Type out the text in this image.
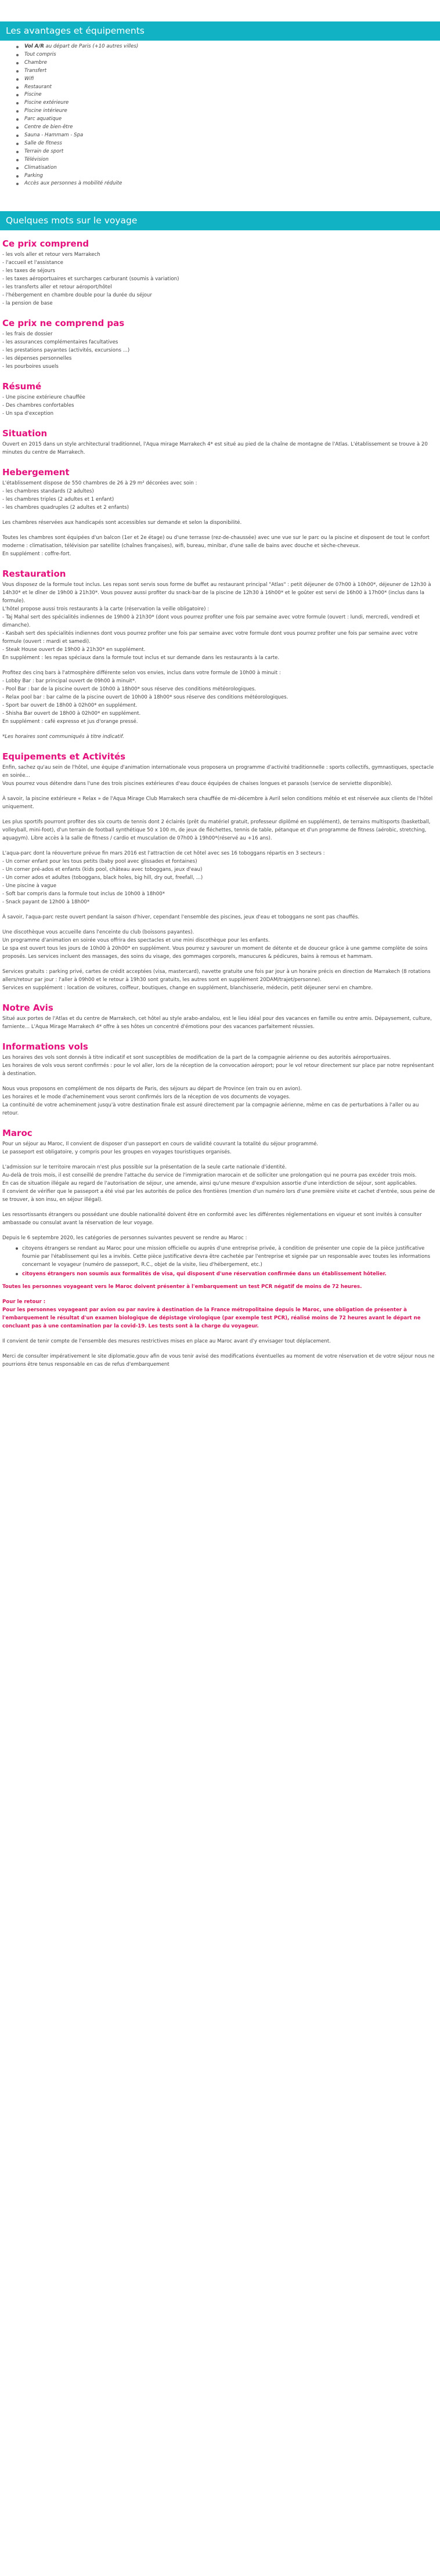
Les avantages et équipements
Vol A/R au départ de Paris (+10 autres villes)
Tout compris
Chambre
Transfert
Wifi
Restaurant
Piscine
Piscine extérieure
Piscine intérieure
Parc aquatique
Centre de bien-être
Sauna - Hammam - Spa
Salle de fitness
Terrain de sport
Télévision
Climatisation
Parking
Accès aux personnes à mobilité réduite
Quelques mots sur le voyage
Ce prix comprend

- les vols aller et retour vers Marrakech

- l'accueil et l'assistance

- les taxes de séjours

- les taxes aéroportuaires et surcharges carburant (soumis à variation)

- les transferts aller et retour aéroport/hôtel

- l'hébergement en chambre double pour la durée du séjour

- la pension de base

Ce prix ne comprend pas

- les frais de dossier

- les assurances complémentaires facultatives

- les prestations payantes (activités, excursions ...)

- les dépenses personnelles

- les pourboires usuels

Résumé

- Une piscine extérieure chauffée

- Des chambres confortables

- Un spa d'exception

Situation

Ouvert en 2015 dans un style architectural traditionnel, l'Aqua mirage Marrakech 4* est situé au pied de la chaîne de montagne de l'Atlas. L'établissement se trouve à 20 minutes du centre de Marrakech.

Hebergement

L'établissement dispose de 550 chambres de 26 à 29 m² décorées avec soin :

- les chambres standards (2 adultes)

- les chambres triples (2 adultes et 1 enfant)

- les chambres quadruples (2 adultes et 2 enfants)

Les chambres réservées aux handicapés sont accessibles sur demande et selon la disponibilité.

Toutes les chambres sont équipées d'un balcon (1er et 2e étage) ou d'une terrasse (rez-de-chaussée) avec une vue sur le parc ou la piscine et disposent de tout le confort moderne : climatisation, télévision par satellite (chaînes françaises), wifi, bureau, minibar, d'une salle de bains avec douche et sèche-cheveux.

En supplément : coffre-fort.

Restauration

Vous disposez de la formule tout inclus. Les repas sont servis sous forme de buffet au restaurant principal "Atlas" : petit déjeuner de 07h00 à 10h00*, déjeuner de 12h30 à 14h30* et le dîner de 19h00 à 21h30*. Vous pouvez aussi profiter du snack-bar de la piscine de 12h30 à 16h00* et le goûter est servi de 16h00 à 17h00* (inclus dans la formule).

L'hôtel propose aussi trois restaurants à la carte (réservation la veille obligatoire) :

- Taj Mahal sert des spécialités indiennes de 19h00 à 21h30* (dont vous pourrez profiter une fois par semaine avec votre formule (ouvert : lundi, mercredi, vendredi et dimanche).

- Kasbah sert des spécialités indiennes dont vous pourrez profiter une fois par semaine avec votre formule dont vous pourrez profiter une fois par semaine avec votre formule (ouvert : mardi et samedi).

- Steak House ouvert de 19h00 à 21h30* en supplément.

En supplément : les repas spéciaux dans la formule tout inclus et sur demande dans les restaurants à la carte.

Profitez des cinq bars à l'atmosphère différente selon vos envies, inclus dans votre formule de 10h00 à minuit :

- Lobby Bar : bar principal ouvert de 09h00 à minuit*.

- Pool Bar : bar de la piscine ouvert de 10h00 à 18h00* sous réserve des conditions météorologiques.

- Relax pool bar : bar calme de la piscine ouvert de 10h00 à 18h00* sous réserve des conditions météorologiques.

- Sport bar ouvert de 18h00 à 02h00* en supplément.

- Shisha Bar ouvert de 18h00 à 02h00* en supplément.

En supplément : café expresso et jus d'orange pressé.

*Les horaires sont communiqués à titre indicatif.

Equipements et Activités

Enfin, sachez qu'au sein de l'hôtel, une équipe d'animation internationale vous proposera un programme d'activité traditionnelle : sports collectifs, gymnastiques, spectacle en soirée...

Vous pourrez vous détendre dans l'une des trois piscines extérieures d'eau douce équipées de chaises longues et parasols (service de serviette disponible).

À savoir, la piscine extérieure « Relax » de l'Aqua Mirage Club Marrakech sera chauffée de mi-décembre à Avril selon conditions météo et est réservée aux clients de l'hôtel uniquement.

Les plus sportifs pourront profiter des six courts de tennis dont 2 éclairés (prêt du matériel gratuit, professeur diplômé en supplément), de terrains multisports (basketball, volleyball, mini-foot), d'un terrain de football synthétique 50 x 100 m, de jeux de fléchettes, tennis de table, pétanque et d'un programme de fitness (aérobic, stretching, aquagym). Libre accès à la salle de fitness / cardio et musculation de 07h00 à 19h00*(réservé au +16 ans).

L'aqua-parc dont la réouverture prévue fin mars 2016 est l'attraction de cet hôtel avec ses 16 toboggans répartis en 3 secteurs :

- Un corner enfant pour les tous petits (baby pool avec glissades et fontaines)

- Un corner pré-ados et enfants (kids pool, château avec toboggans, jeux d'eau)

- Un corner ados et adultes (toboggans, black holes, big hill, dry out, freefall, ...)

- Une piscine à vague

- Soft bar compris dans la formule tout inclus de 10h00 à 18h00*

- Snack payant de 12h00 à 18h00*

À savoir, l'aqua-parc reste ouvert pendant la saison d'hiver, cependant l'ensemble des piscines, jeux d'eau et toboggans ne sont pas chauffés.

Une discothèque vous accueille dans l'enceinte du club (boissons payantes).

Un programme d'animation en soirée vous offrira des spectacles et une mini discothèque pour les enfants.

Le spa est ouvert tous les jours de 10h00 à 20h00* en supplément. Vous pourrez y savourer un moment de détente et de douceur grâce à une gamme complète de soins proposés. Les services incluent des massages, des soins du visage, des gommages corporels, manucures & pédicures, bains à remous et hammam.

Services gratuits : parking privé, cartes de crédit acceptées (visa, mastercard), navette gratuite une fois par jour à un horaire précis en direction de Marrakech (8 rotations allers/retour par jour : l'aller à 09h00 et le retour à 19h30 sont gratuits, les autres sont en supplément 20DAM/trajet/personne).

Services en supplément : location de voitures, coiffeur, boutiques, change en supplément, blanchisserie, médecin, petit déjeuner servi en chambre.

Notre Avis

Situé aux portes de l'Atlas et du centre de Marrakech, cet hôtel au style arabo-andalou, est le lieu idéal pour des vacances en famille ou entre amis. Dépaysement, culture, farniente... L'Aqua Mirage Marrakech 4* offre à ses hôtes un concentré d'émotions pour des vacances parfaitement réussies.

Informations vols

Les horaires des vols sont donnés à titre indicatif et sont susceptibles de modification de la part de la compagnie aérienne ou des autorités aéroportuaires.

Les horaires de vols vous seront confirmés : pour le vol aller, lors de la réception de la convocation aéroport; pour le vol retour directement sur place par notre représentant à destination.

Nous vous proposons en complément de nos départs de Paris, des séjours au départ de Province (en train ou en avion).

Les horaires et le mode d'acheminement vous seront confirmés lors de la réception de vos documents de voyages.

La continuité de votre acheminement jusqu'à votre destination finale est assuré directement par la compagnie aérienne, même en cas de perturbations à l'aller ou au retour.

Maroc

Pour un séjour au Maroc, Il convient de disposer d'un passeport en cours de validité couvrant la totalité du séjour programmé.

Le passeport est obligatoire, y compris pour les groupes en voyages touristiques organisés.

L'admission sur le territoire marocain n'est plus possible sur la présentation de la seule carte nationale d'identité.

Au-delà de trois mois, il est conseillé de prendre l'attache du service de l'immigration marocain et de solliciter une prolongation qui ne pourra pas excéder trois mois.

En cas de situation illégale au regard de l'autorisation de séjour, une amende, ainsi qu'une mesure d'expulsion assortie d'une interdiction de séjour, sont applicables.

Il convient de vérifier que le passeport a été visé par les autorités de police des frontières (mention d'un numéro lors d'une première visite et cachet d'entrée, sous peine de se trouver, à son insu, en séjour illégal).

Les ressortissants étrangers ou possédant une double nationalité doivent être en conformité avec les différentes réglementations en vigueur et sont invités à consulter ambassade ou consulat avant la réservation de leur voyage.

Depuis le 6 septembre 2020, les catégories de personnes suivantes peuvent se rendre au Maroc :

citoyens étrangers se rendant au Maroc pour une mission officielle ou auprès d'une entreprise privée, à condition de présenter une copie de la pièce justificative fournie par l'établissement qui les a invités. Cette pièce justificative devra être cachetée par l'entreprise et signée par un responsable avec toutes les informations concernant le voyageur (numéro de passeport, R.C., objet de la visite, lieu d'hébergement, etc.)
citoyens étrangers non soumis aux formalités de visa, qui disposent d'une réservation confirmée dans un établissement hôtelier.

Toutes les personnes voyageant vers le Maroc doivent présenter à l'embarquement un test PCR négatif de moins de 72 heures.

Pour le retour :

Pour les personnes voyageant par avion ou par navire à destination de la France métropolitaine depuis le Maroc, une obligation de présenter à l'embarquement le résultat d'un examen biologique de dépistage virologique (par exemple test PCR), réalisé moins de 72 heures avant le départ ne concluant pas à une contamination par la covid-19. Les tests sont à la charge du voyageur.

Il convient de tenir compte de l'ensemble des mesures restrictives mises en place au Maroc avant d'y envisager tout déplacement.

Merci de consulter impérativement le site diplomatie.gouv afin de vous tenir avisé des modifications éventuelles au moment de votre réservation et de votre séjour nous ne pourrions être tenus responsable en cas de refus d'embarquement
